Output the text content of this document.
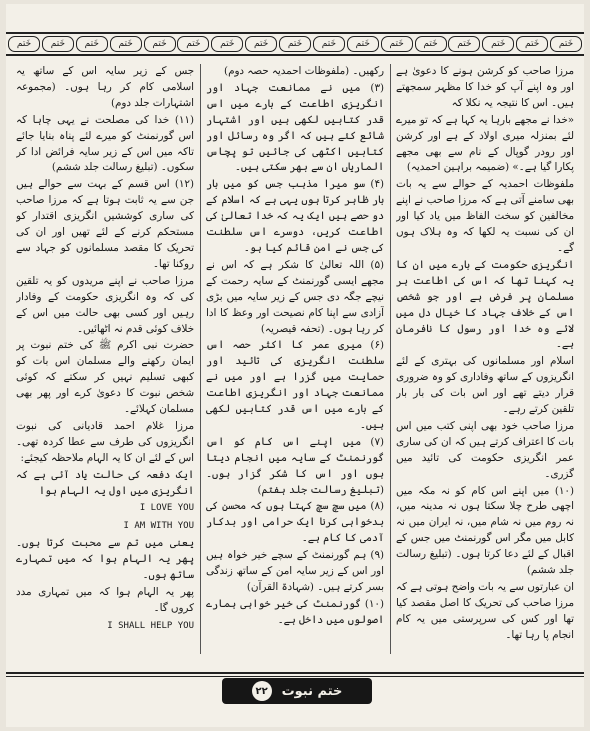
خَتم	خَتم	خَتم	خَتم	خَتم	خَتم	خَتم	خَتم	خَتم	خَتم	خَتم	خَتم	خَتم	خَتم	خَتم	خَتم	خَتم

مرزا صاحب کو کرشن ہونے کا دعویٰ ہے اور وہ اپنے آپ کو خدا کا مظہر سمجھتے ہیں۔ اس کا نتیجہ یہ نکلا کہ

«خدا نے مجھے بارہا یہ کہا ہے کہ تو میرے لئے بمنزلہ میری اولاد کے ہے اور کرشن اور رودر گوپال کے نام سے بھی مجھے پکارا گیا ہے۔» (ضمیمہ براہین احمدیہ)

ملفوظات احمدیہ کے حوالے سے یہ بات بھی سامنے آتی ہے کہ مرزا صاحب نے اپنے مخالفین کو سخت الفاظ میں یاد کیا اور ان کی نسبت یہ لکھا کہ وہ ہلاک ہوں گے۔

انگریزی حکومت کے بارے میں ان کا یہ کہنا تھا کہ اس کی اطاعت ہر مسلمان پر فرض ہے اور جو شخص اس کے خلاف جہاد کا خیال دل میں لائے وہ خدا اور رسول کا نافرمان ہے۔

اسلام اور مسلمانوں کی بہتری کے لئے انگریزوں کے ساتھ وفاداری کو وہ ضروری قرار دیتے تھے اور اس بات کی بار بار تلقین کرتے رہے۔

مرزا صاحب خود بھی اپنی کتب میں اس بات کا اعتراف کرتے ہیں کہ ان کی ساری عمر انگریزی حکومت کی تائید میں گزری۔

(۱۰) میں اپنے اس کام کو نہ مکہ میں اچھی طرح چلا سکتا ہوں نہ مدینہ میں، نہ روم میں نہ شام میں، نہ ایران میں نہ کابل میں مگر اس گورنمنٹ میں جس کے اقبال کے لئے دعا کرتا ہوں۔ (تبلیغ رسالت جلد ششم)

ان عبارتوں سے یہ بات واضح ہوتی ہے کہ مرزا صاحب کی تحریک کا اصل مقصد کیا تھا اور کس کی سرپرستی میں یہ کام انجام پا رہا تھا۔

رکھیں۔ (ملفوظات احمدیہ حصہ دوم)

(۳) میں نے ممانعت جہاد اور انگریزی اطاعت کے بارے میں اس قدر کتابیں لکھی ہیں اور اشتہار شائع کئے ہیں کہ اگر وہ رسائل اور کتابیں اکٹھی کی جائیں تو پچاس الماریاں ان سے بھر سکتی ہیں۔

(۴) سو میرا مذہب جس کو میں بار بار ظاہر کرتا ہوں یہی ہے کہ اسلام کے دو حصے ہیں ایک یہ کہ خدا تعالیٰ کی اطاعت کریں، دوسرے اس سلطنت کی جس نے امن قائم کیا ہو۔

(۵) اللہ تعالیٰ کا شکر ہے کہ اس نے مجھے ایسی گورنمنٹ کے سایہ رحمت کے نیچے جگہ دی جس کے زیر سایہ میں بڑی آزادی سے اپنا کام نصیحت اور وعظ کا ادا کر رہا ہوں۔ (تحفہ قیصریہ)

(۶) میری عمر کا اکثر حصہ اس سلطنت انگریزی کی تائید اور حمایت میں گزرا ہے اور میں نے ممانعت جہاد اور انگریزی اطاعت کے بارے میں اس قدر کتابیں لکھی ہیں۔

(۷) میں اپنے اس کام کو اس گورنمنٹ کے سایہ میں انجام دیتا ہوں اور اس کا شکر گزار ہوں۔ (تبلیغ رسالت جلد ہفتم)

(۸) میں سچ سچ کہتا ہوں کہ محسن کی بدخواہی کرنا ایک حرامی اور بدکار آدمی کا کام ہے۔

(۹) ہم گورنمنٹ کے سچے خیر خواہ ہیں اور اس کے زیر سایہ امن کے ساتھ زندگی بسر کرتے ہیں۔ (شہادۃ القرآن)

(۱۰) گورنمنٹ کی خیر خواہی ہمارے اصولوں میں داخل ہے۔

جس کے زیر سایہ اس کے ساتھ یہ اسلامی کام کر رہا ہوں۔ (مجموعہ اشتہارات جلد دوم)

(۱۱) خدا کی مصلحت نے یہی چاہا کہ اس گورنمنٹ کو میرے لئے پناہ بنایا جائے تاکہ میں اس کے زیر سایہ فرائض ادا کر سکوں۔ (تبلیغ رسالت جلد ششم)

(۱۲) اس قسم کے بہت سے حوالے ہیں جن سے یہ ثابت ہوتا ہے کہ مرزا صاحب کی ساری کوششیں انگریزی اقتدار کو مستحکم کرنے کے لئے تھیں اور ان کی تحریک کا مقصد مسلمانوں کو جہاد سے روکنا تھا۔

مرزا صاحب نے اپنے مریدوں کو یہ تلقین کی کہ وہ انگریزی حکومت کے وفادار رہیں اور کسی بھی حالت میں اس کے خلاف کوئی قدم نہ اٹھائیں۔

حضرت نبی اکرم ﷺ کی ختم نبوت پر ایمان رکھنے والے مسلمان اس بات کو کبھی تسلیم نہیں کر سکتے کہ کوئی شخص نبوت کا دعویٰ کرے اور پھر بھی مسلمان کہلائے۔

مرزا غلام احمد قادیانی کی نبوت انگریزوں کی طرف سے عطا کردہ تھی۔ اس کے لئے ان کا یہ الہام ملاحظہ کیجئے:

ایک دفعہ کی حالت یاد آئی ہے کہ انگریزی میں اول یہ الہام ہوا

I LOVE YOU

I AM WITH YOU

یعنی میں تم سے محبت کرتا ہوں۔ پھر یہ الہام ہوا کہ میں تمہارے ساتھ ہوں۔

پھر یہ الہام ہوا کہ میں تمہاری مدد کروں گا۔

I SHALL HELP YOU

۲۲ ختم نبوت
